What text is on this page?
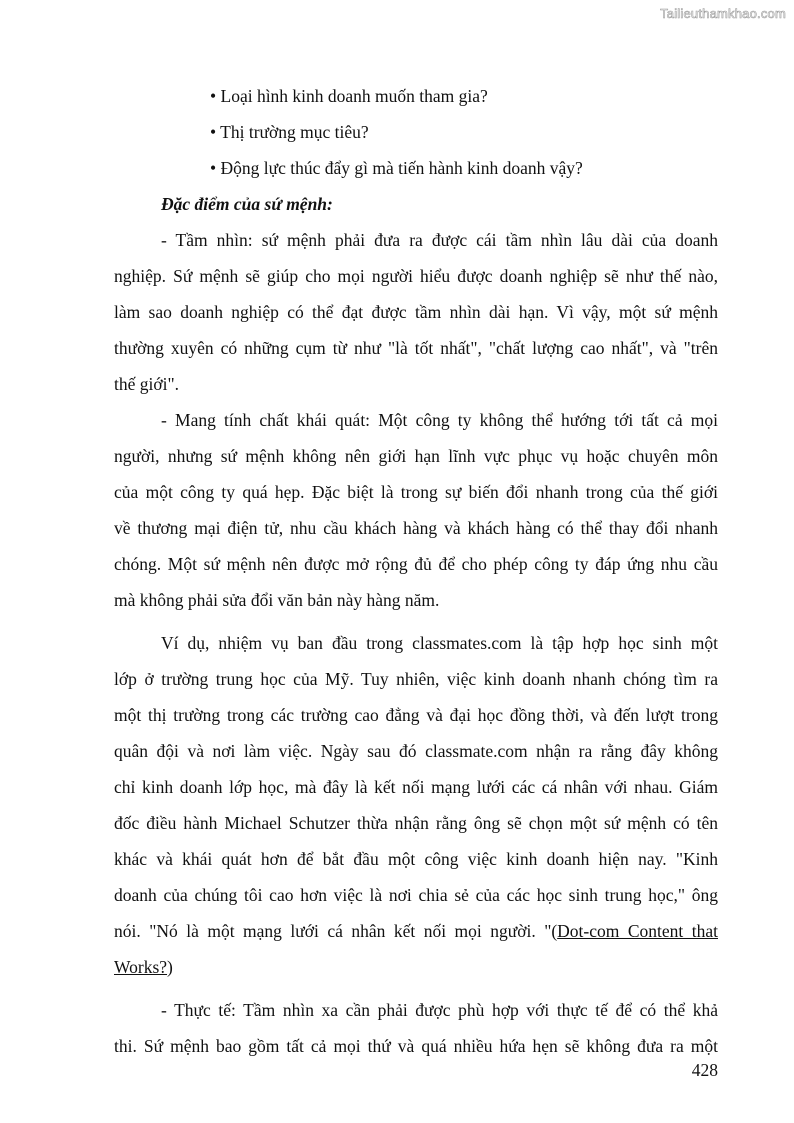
Tailieuthamkhao.com
• Loại hình kinh doanh muốn tham gia?
• Thị trường mục tiêu?
• Động lực thúc đẩy gì mà tiến hành kinh doanh vậy?
Đặc điểm của sứ mệnh:
- Tầm nhìn: sứ mệnh phải đưa ra được cái tầm nhìn lâu dài của doanh
nghiệp. Sứ mệnh sẽ giúp cho mọi người hiểu được doanh nghiệp sẽ như thế nào,
làm sao doanh nghiệp có thể đạt được tầm nhìn dài hạn. Vì vậy, một sứ mệnh
thường xuyên có những cụm từ như "là tốt nhất", "chất lượng cao nhất", và "trên
thế giới".
- Mang tính chất khái quát: Một công ty không thể hướng tới tất cả mọi
người, nhưng sứ mệnh không nên giới hạn lĩnh vực phục vụ hoặc chuyên môn
của một công ty quá hẹp. Đặc biệt là trong sự biến đổi nhanh trong của thế giới
về thương mại điện tử, nhu cầu khách hàng và khách hàng có thể thay đổi nhanh
chóng. Một sứ mệnh nên được mở rộng đủ để cho phép công ty đáp ứng nhu cầu
mà không phải sửa đổi văn bản này hàng năm.
Ví dụ, nhiệm vụ ban đầu trong classmates.com là tập hợp học sinh một
lớp ở trường trung học của Mỹ. Tuy nhiên, việc kinh doanh nhanh chóng tìm ra
một thị trường trong các trường cao đẳng và đại học đồng thời, và đến lượt trong
quân đội và nơi làm việc. Ngày sau đó classmate.com nhận ra rằng đây không
chỉ kinh doanh lớp học, mà đây là kết nối mạng lưới các cá nhân với nhau. Giám
đốc điều hành Michael Schutzer thừa nhận rằng ông sẽ chọn một sứ mệnh có tên
khác và khái quát hơn để bắt đầu một công việc kinh doanh hiện nay. "Kinh
doanh của chúng tôi cao hơn việc là nơi chia sẻ của các học sinh trung học," ông
nói. "Nó là một mạng lưới cá nhân kết nối mọi người. "(Dot-com Content that
Works?)
- Thực tế: Tầm nhìn xa cần phải được phù hợp với thực tế để có thể khả
thi. Sứ mệnh bao gồm tất cả mọi thứ và quá nhiều hứa hẹn sẽ không đưa ra một
428
